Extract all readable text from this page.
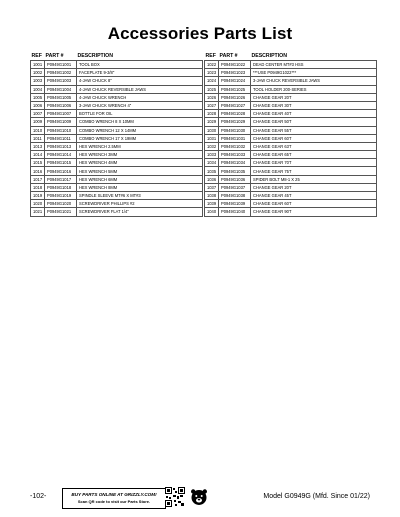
Accessories Parts List
REF	PART #	DESCRIPTION
1001	P0949G1001	TOOL BOX
1002	P0949G1002	FACEPLATE 9-3/8"
1003	P0949G1003	4-JAW CHUCK 8"
1004	P0949G1004	4-JAW CHUCK REVERSIBLE JAWS
1005	P0949G1005	4-JAW CHUCK WRENCH
1006	P0949G1006	3-JAW CHUCK WRENCH 4"
1007	P0949G1007	BOTTLE FOR OIL
1009	P0949G1009	COMBO WRENCH 8 X 10MM
1010	P0949G1010	COMBO WRENCH 12 X 14MM
1011	P0949G1011	COMBO WRENCH 17 X 19MM
1013	P0949G1013	HEX WRENCH 2.5MM
1014	P0949G1014	HEX WRENCH 3MM
1015	P0949G1015	HEX WRENCH 4MM
1016	P0949G1016	HEX WRENCH 5MM
1017	P0949G1017	HEX WRENCH 6MM
1018	P0949G1018	HEX WRENCH 8MM
1019	P0949G1019	SPINDLE SLEEVE MT#6 X MT#3
1020	P0949G1020	SCREWDRIVER PHILLIPS #2
1021	P0949G1021	SCREWDRIVER FLAT 1/4"
REF	PART #	DESCRIPTION
1022	P0949G1022	DEAD CENTER MT#3 HSS
1023	P0949G1023	***USE P0949G1022***
1024	P0949G1024	3-JAW CHUCK REVERSIBLE JAWS
1025	P0949G1025	TOOL HOLDER 200-SERIES
1026	P0949G1026	CHANGE GEAR 20T
1027	P0949G1027	CHANGE GEAR 30T
1028	P0949G1028	CHANGE GEAR 40T
1029	P0949G1029	CHANGE GEAR 50T
1030	P0949G1030	CHANGE GEAR 55T
1031	P0949G1031	CHANGE GEAR 60T
1032	P0949G1032	CHANGE GEAR 63T
1033	P0949G1033	CHANGE GEAR 65T
1034	P0949G1034	CHANGE GEAR 70T
1035	P0949G1035	CHANGE GEAR 75T
1036	P0949G1036	SPIDER BOLT M8-1 X 25
1037	P0949G1037	CHANGE GEAR 20T
1038	P0949G1038	CHANGE GEAR 45T
1039	P0949G1039	CHANGE GEAR 60T
1040	P0949G1040	CHANGE GEAR 90T
-102-	BUY PARTS ONLINE AT GRIZZLY.COM!
Scan QR code to visit our Parts Store.
Model G0949G (Mfd. Since 01/22)
